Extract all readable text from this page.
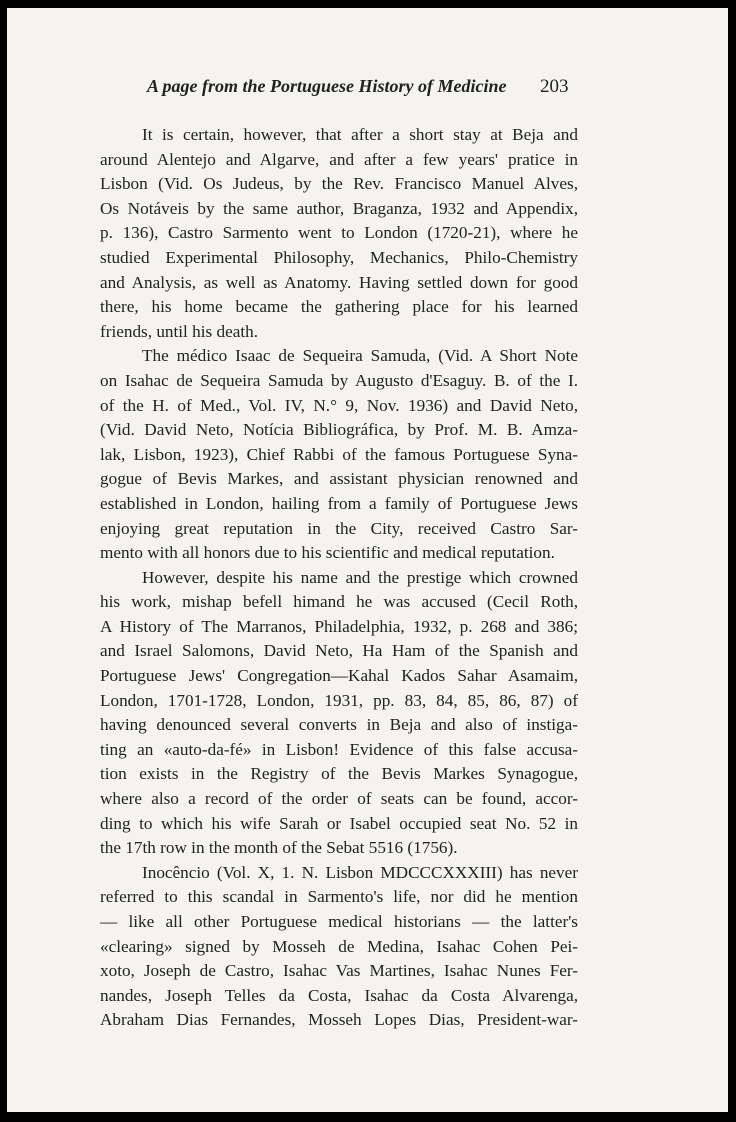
A page from the Portuguese History of Medicine	203
It is certain, however, that after a short stay at Beja and
around Alentejo and Algarve, and after a few years' pratice in
Lisbon (Vid. Os Judeus, by the Rev. Francisco Manuel Alves,
Os Notáveis by the same author, Braganza, 1932 and Appendix,
p. 136), Castro Sarmento went to London (1720-21), where he
studied Experimental Philosophy, Mechanics, Philo-Chemistry
and Analysis, as well as Anatomy. Having settled down for good
there, his home became the gathering place for his learned
friends, until his death.
The médico Isaac de Sequeira Samuda, (Vid. A Short Note
on Isahac de Sequeira Samuda by Augusto d'Esaguy. B. of the I.
of the H. of Med., Vol. IV, N.° 9, Nov. 1936) and David Neto,
(Vid. David Neto, Notícia Bibliográfica, by Prof. M. B. Amza-
lak, Lisbon, 1923), Chief Rabbi of the famous Portuguese Syna-
gogue of Bevis Markes, and assistant physician renowned and
established in London, hailing from a family of Portuguese Jews
enjoying great reputation in the City, received Castro Sar-
mento with all honors due to his scientific and medical reputation.
However, despite his name and the prestige which crowned
his work, mishap befell himand he was accused (Cecil Roth,
A History of The Marranos, Philadelphia, 1932, p. 268 and 386;
and Israel Salomons, David Neto, Ha Ham of the Spanish and
Portuguese Jews' Congregation—Kahal Kados Sahar Asamaim,
London, 1701-1728, London, 1931, pp. 83, 84, 85, 86, 87) of
having denounced several converts in Beja and also of instiga-
ting an «auto-da-fé» in Lisbon! Evidence of this false accusa-
tion exists in the Registry of the Bevis Markes Synagogue,
where also a record of the order of seats can be found, accor-
ding to which his wife Sarah or Isabel occupied seat No. 52 in
the 17th row in the month of the Sebat 5516 (1756).
Inocêncio (Vol. X, 1. N. Lisbon MDCCCXXXIII) has never
referred to this scandal in Sarmento's life, nor did he mention
— like all other Portuguese medical historians — the latter's
«clearing» signed by Mosseh de Medina, Isahac Cohen Pei-
xoto, Joseph de Castro, Isahac Vas Martines, Isahac Nunes Fer-
nandes, Joseph Telles da Costa, Isahac da Costa Alvarenga,
Abraham Dias Fernandes, Mosseh Lopes Dias, President-war-
